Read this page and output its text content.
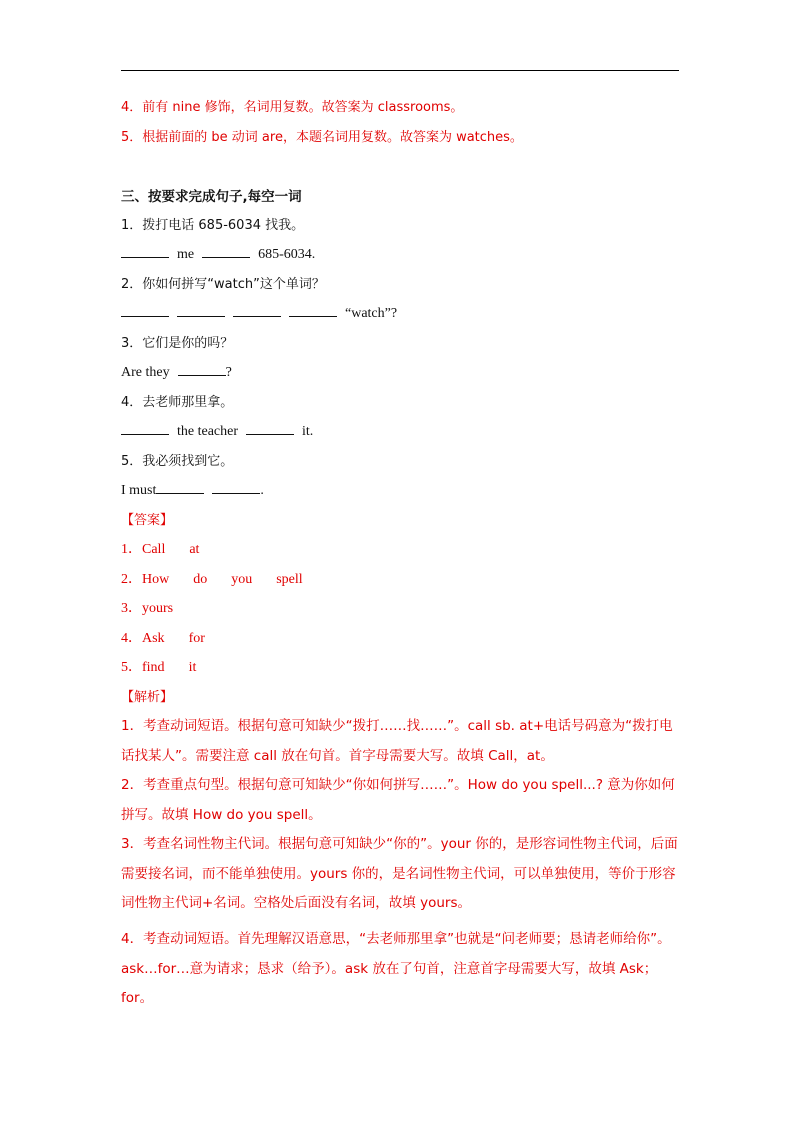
4．前有 nine 修饰，名词用复数。故答案为 classrooms。
5．根据前面的 be 动词 are，本题名词用复数。故答案为 watches。
三、按要求完成句子,每空一词
1．拨打电话 685-6034 找我。
me	685-6034.
2．你如何拼写“watch”这个单词？
“watch”?
3．它们是你的吗？
Are they	?
4．去老师那里拿。
the teacher	it.
5．我必须找到它。
I must	.
【答案】
1．Call at
2．How do you spell
3．yours
4．Ask for
5．find it
【解析】
1．考查动词短语。根据句意可知缺少“拨打……找……”。call sb. at+电话号码意为“拨打电话找某人”。需要注意 call 放在句首。首字母需要大写。故填 Call，at。
2．考查重点句型。根据句意可知缺少“你如何拼写……”。How do you spell...? 意为你如何拼写。故填 How do you spell。
3．考查名词性物主代词。根据句意可知缺少“你的”。your 你的，是形容词性物主代词，后面需要接名词，而不能单独使用。yours 你的，是名词性物主代词，可以单独使用，等价于形容词性物主代词+名词。空格处后面没有名词，故填 yours。
4．考查动词短语。首先理解汉语意思，“去老师那里拿”也就是“问老师要；恳请老师给你”。ask…for…意为请求；恳求（给予）。ask 放在了句首，注意首字母需要大写，故填 Ask；for。
